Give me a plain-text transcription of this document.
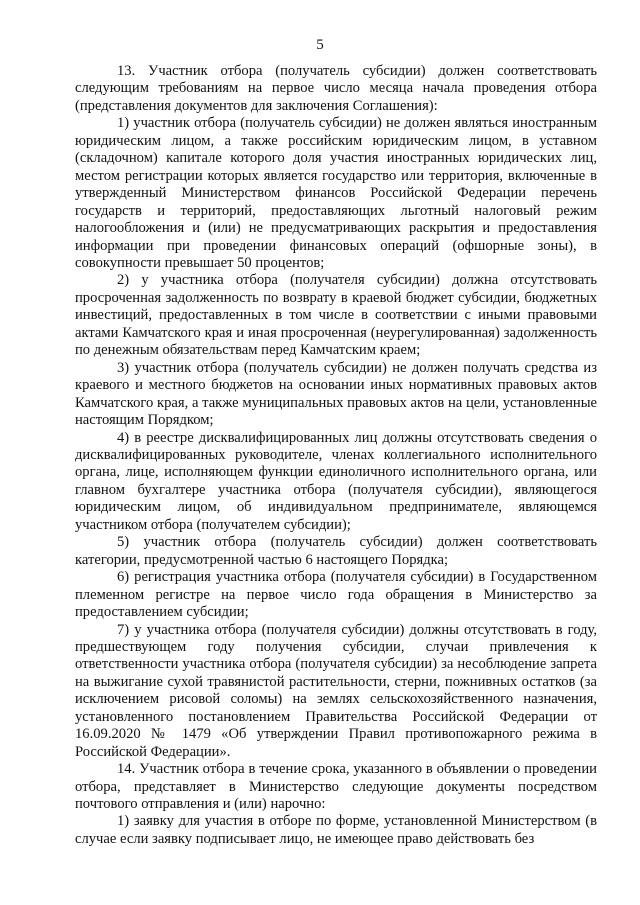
5

13. Участник отбора (получатель субсидии) должен соответствовать следующим требованиям на первое число месяца начала проведения отбора (представления документов для заключения Соглашения):

1) участник отбора (получатель субсидии) не должен являться иностранным юридическим лицом, а также российским юридическим лицом, в уставном (складочном) капитале которого доля участия иностранных юридических лиц, местом регистрации которых является государство или территория, включенные в утвержденный Министерством финансов Российской Федерации перечень государств и территорий, предоставляющих льготный налоговый режим налогообложения и (или) не предусматривающих раскрытия и предоставления информации при проведении финансовых операций (офшорные зоны), в совокупности превышает 50 процентов;

2) у участника отбора (получателя субсидии) должна отсутствовать просроченная задолженность по возврату в краевой бюджет субсидии, бюджетных инвестиций, предоставленных в том числе в соответствии с иными правовыми актами Камчатского края и иная просроченная (неурегулированная) задолженность по денежным обязательствам перед Камчатским краем;

3) участник отбора (получатель субсидии) не должен получать средства из краевого и местного бюджетов на основании иных нормативных правовых актов Камчатского края, а также муниципальных правовых актов на цели, установленные настоящим Порядком;

4) в реестре дисквалифицированных лиц должны отсутствовать сведения о дисквалифицированных руководителе, членах коллегиального исполнительного органа, лице, исполняющем функции единоличного исполнительного органа, или главном бухгалтере участника отбора (получателя субсидии), являющегося юридическим лицом, об индивидуальном предпринимателе, являющемся участником отбора (получателем субсидии);

5) участник отбора (получатель субсидии) должен соответствовать категории, предусмотренной частью 6 настоящего Порядка;

6) регистрация участника отбора (получателя субсидии) в Государственном племенном регистре на первое число года обращения в Министерство за предоставлением субсидии;

7) у участника отбора (получателя субсидии) должны отсутствовать в году, предшествующем году получения субсидии, случаи привлечения к ответственности участника отбора (получателя субсидии) за несоблюдение запрета на выжигание сухой травянистой растительности, стерни, пожнивных остатков (за исключением рисовой соломы) на землях сельскохозяйственного назначения, установленного постановлением Правительства Российской Федерации от 16.09.2020 № 1479 «Об утверждении Правил противопожарного режима в Российской Федерации».

14. Участник отбора в течение срока, указанного в объявлении о проведении отбора, представляет в Министерство следующие документы посредством почтового отправления и (или) нарочно:

1) заявку для участия в отборе по форме, установленной Министерством (в случае если заявку подписывает лицо, не имеющее право действовать без
